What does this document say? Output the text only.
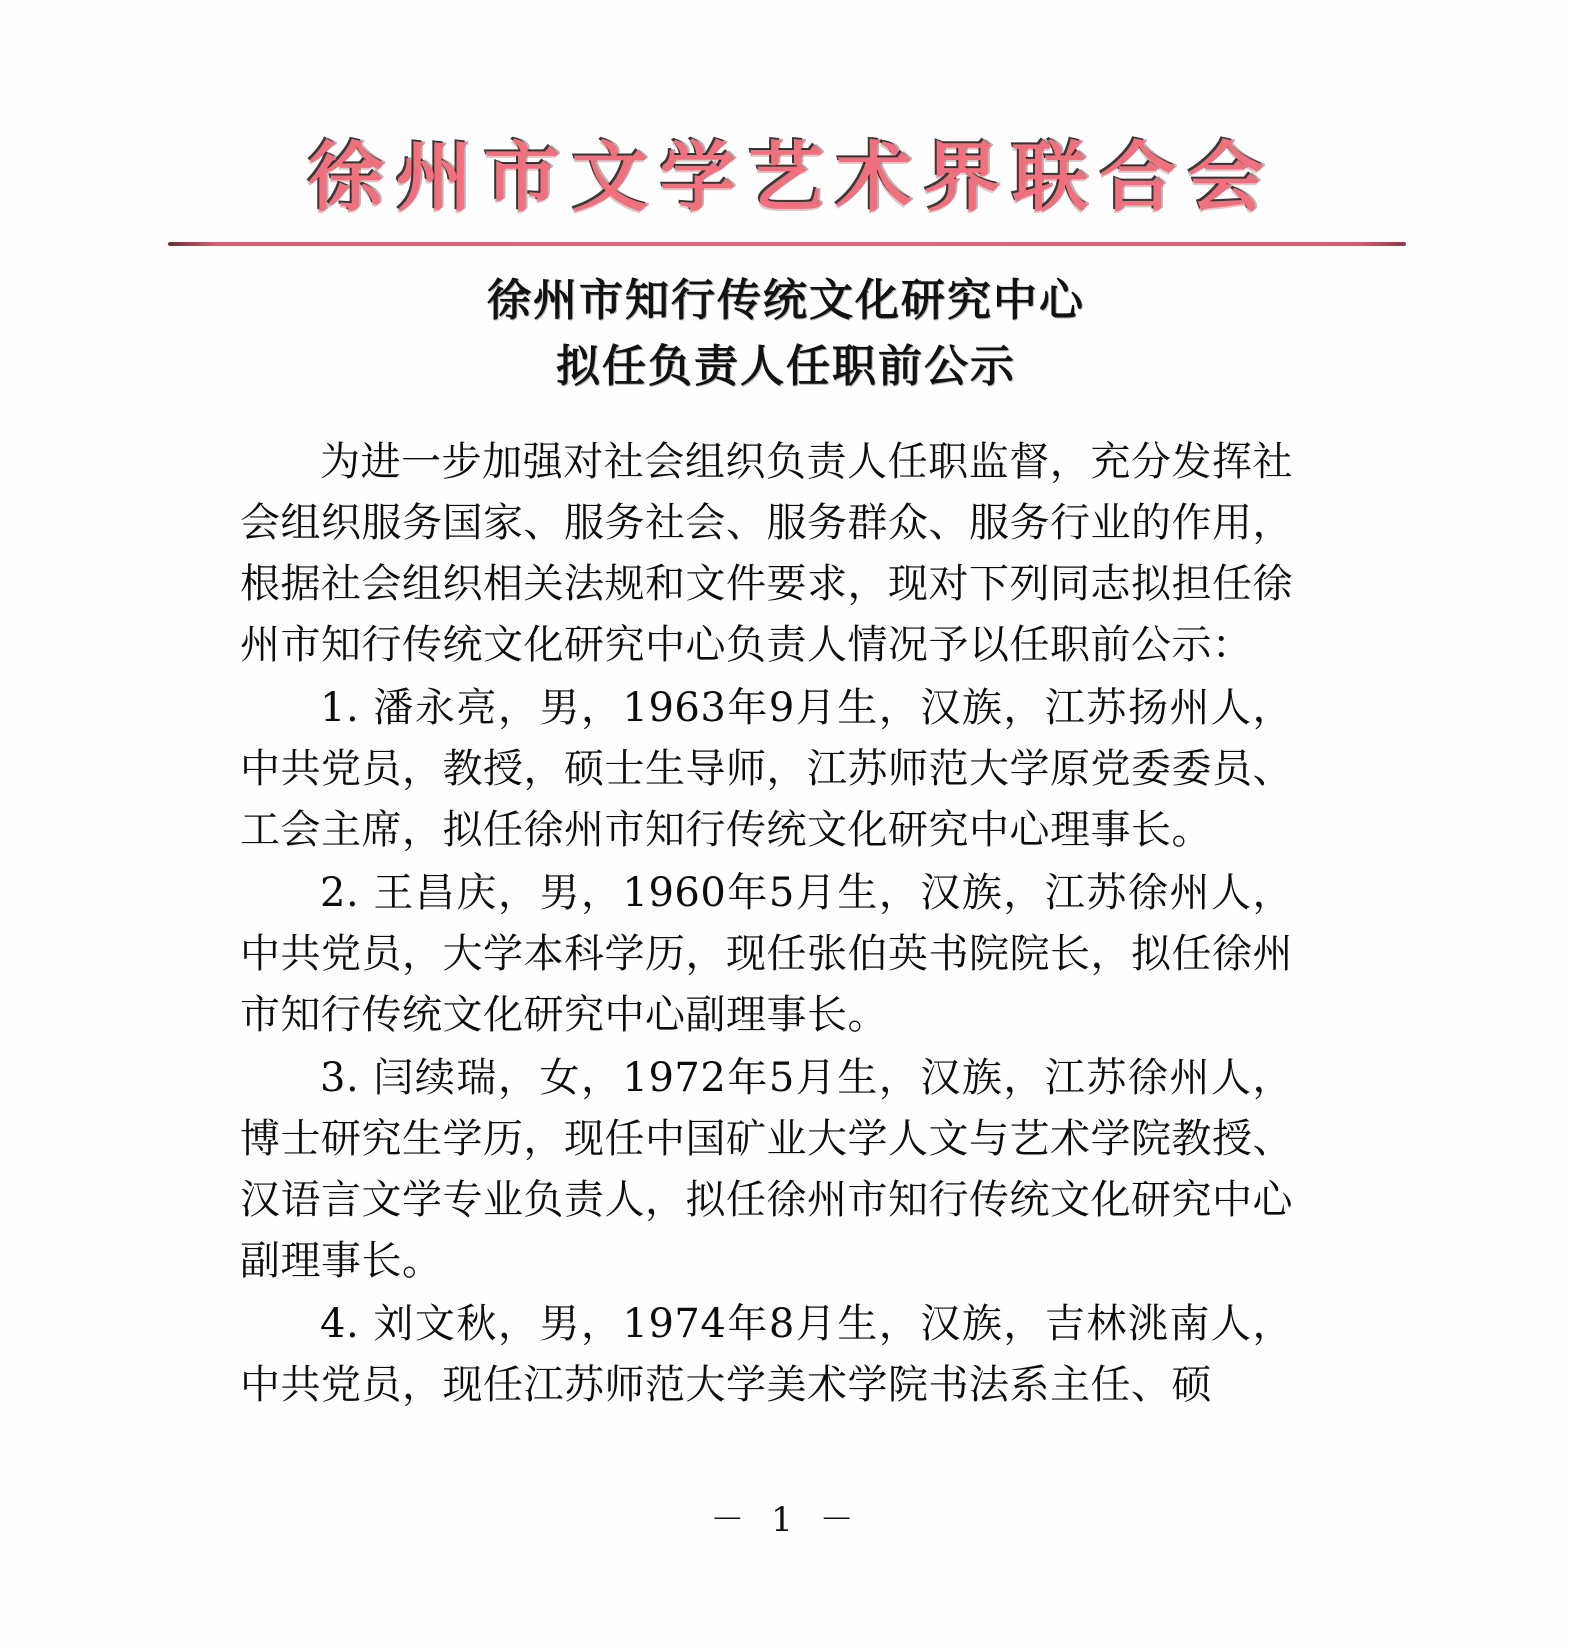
徐州市文学艺术界联合会
徐州市知行传统文化研究中心
拟任负责人任职前公示

为进一步加强对社会组织负责人任职监督，充分发挥社会组织服务国家、服务社会、服务群众、服务行业的作用，根据社会组织相关法规和文件要求，现对下列同志拟担任徐州市知行传统文化研究中心负责人情况予以任职前公示：

1. 潘永亮，男，1963年9月生，汉族，江苏扬州人，中共党员，教授，硕士生导师，江苏师范大学原党委委员、工会主席，拟任徐州市知行传统文化研究中心理事长。

2. 王昌庆，男，1960年5月生，汉族，江苏徐州人，中共党员，大学本科学历，现任张伯英书院院长，拟任徐州市知行传统文化研究中心副理事长。

3. 闫续瑞，女，1972年5月生，汉族，江苏徐州人，博士研究生学历，现任中国矿业大学人文与艺术学院教授、汉语言文学专业负责人，拟任徐州市知行传统文化研究中心副理事长。

4. 刘文秋，男，1974年8月生，汉族，吉林洮南人，中共党员，现任江苏师范大学美术学院书法系主任、硕

－ 1 －
